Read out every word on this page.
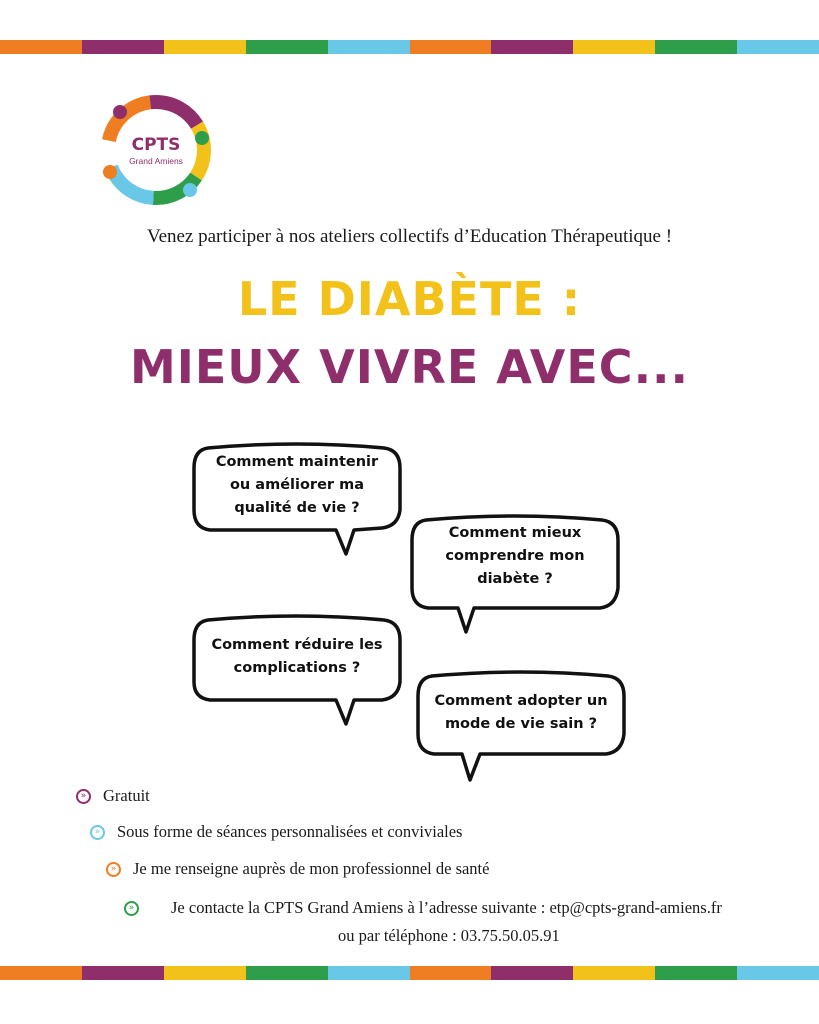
CPTS
Grand Amiens
Venez participer à nos ateliers collectifs d’Education Thérapeutique !
LE DIABÈTE :
MIEUX VIVRE AVEC...
Comment maintenir
ou améliorer ma
qualité de vie ?
Comment mieux
comprendre mon
diabète ?
Comment réduire les
complications ?
Comment adopter un
mode de vie sain ?
» Gratuit
» Sous forme de séances personnalisées et conviviales
» Je me renseigne auprès de mon professionnel de santé
» Je contacte la CPTS Grand Amiens à l’adresse suivante : etp@cpts-grand-amiens.fr
ou par téléphone : 03.75.50.05.91
